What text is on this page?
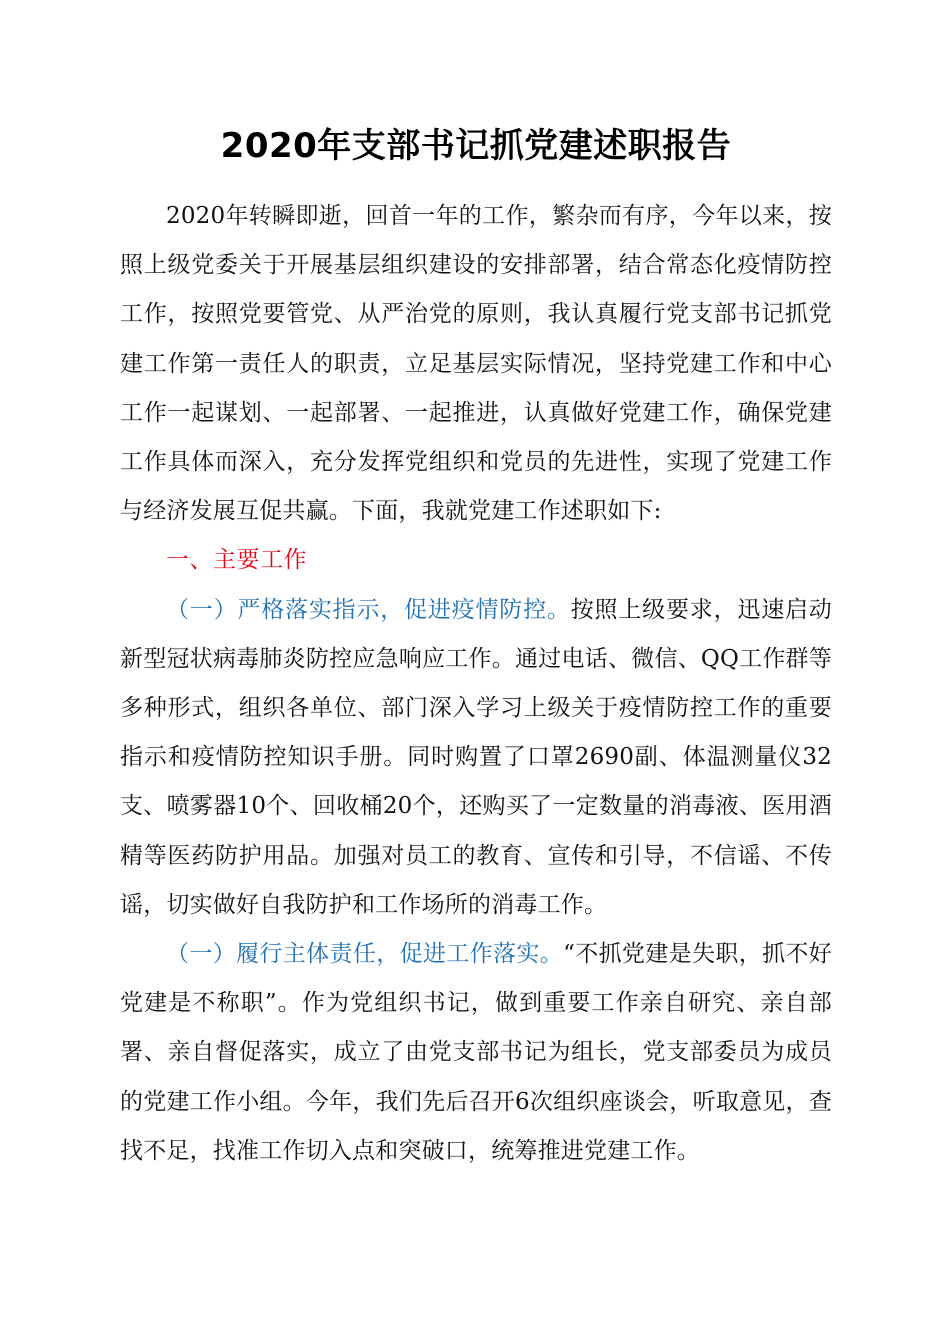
2020年支部书记抓党建述职报告

2020年转瞬即逝，回首一年的工作，繁杂而有序，今年以来，按照上级党委关于开展基层组织建设的安排部署，结合常态化疫情防控工作，按照党要管党、从严治党的原则，我认真履行党支部书记抓党建工作第一责任人的职责，立足基层实际情况，坚持党建工作和中心工作一起谋划、一起部署、一起推进，认真做好党建工作，确保党建工作具体而深入，充分发挥党组织和党员的先进性，实现了党建工作与经济发展互促共赢。下面，我就党建工作述职如下:

一、主要工作

（一）严格落实指示，促进疫情防控。按照上级要求，迅速启动新型冠状病毒肺炎防控应急响应工作。通过电话、微信、QQ工作群等多种形式，组织各单位、部门深入学习上级关于疫情防控工作的重要指示和疫情防控知识手册。同时购置了口罩2690副、体温测量仪32支、喷雾器10个、回收桶20个，还购买了一定数量的消毒液、医用酒精等医药防护用品。加强对员工的教育、宣传和引导，不信谣、不传谣，切实做好自我防护和工作场所的消毒工作。

（一）履行主体责任，促进工作落实。“不抓党建是失职，抓不好党建是不称职”。作为党组织书记，做到重要工作亲自研究、亲自部署、亲自督促落实，成立了由党支部书记为组长，党支部委员为成员的党建工作小组。今年，我们先后召开6次组织座谈会，听取意见，查找不足，找准工作切入点和突破口，统筹推进党建工作。
